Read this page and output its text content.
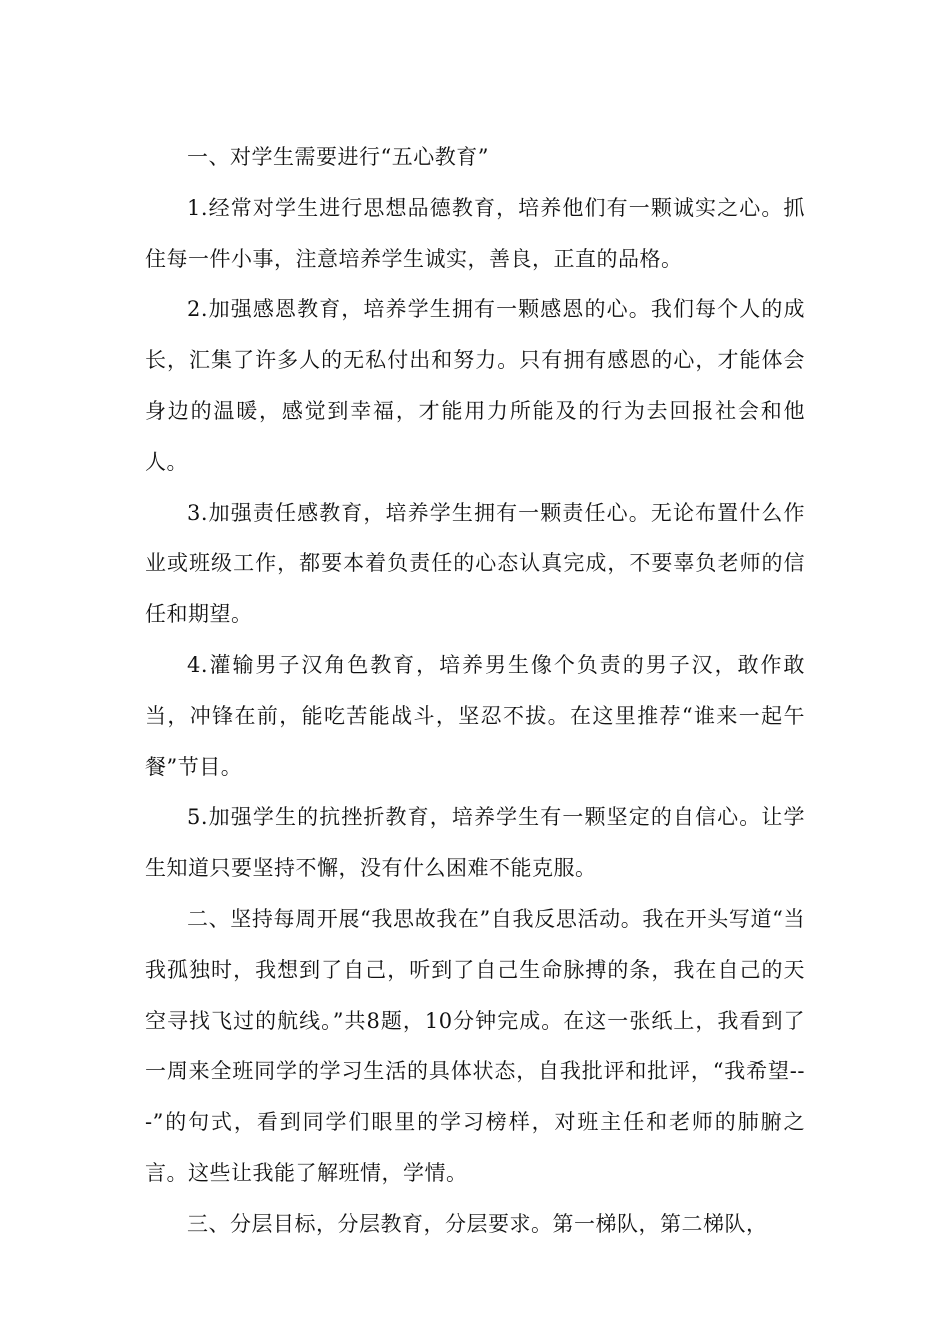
一、对学生需要进行“五心教育”

1.经常对学生进行思想品德教育，培养他们有一颗诚实之心。抓住每一件小事，注意培养学生诚实，善良，正直的品格。

2.加强感恩教育，培养学生拥有一颗感恩的心。我们每个人的成长，汇集了许多人的无私付出和努力。只有拥有感恩的心，才能体会身边的温暖，感觉到幸福，才能用力所能及的行为去回报社会和他人。

3.加强责任感教育，培养学生拥有一颗责任心。无论布置什么作业或班级工作，都要本着负责任的心态认真完成，不要辜负老师的信任和期望。

4.灌输男子汉角色教育，培养男生像个负责的男子汉，敢作敢当，冲锋在前，能吃苦能战斗，坚忍不拔。在这里推荐“谁来一起午餐”节目。

5.加强学生的抗挫折教育，培养学生有一颗坚定的自信心。让学生知道只要坚持不懈，没有什么困难不能克服。

二、坚持每周开展“我思故我在”自我反思活动。我在开头写道“当我孤独时，我想到了自己，听到了自己生命脉搏的条，我在自己的天空寻找飞过的航线。”共8题，10分钟完成。在这一张纸上，我看到了一周来全班同学的学习生活的具体状态，自我批评和批评，“我希望---”的句式，看到同学们眼里的学习榜样，对班主任和老师的肺腑之言。这些让我能了解班情，学情。

三、分层目标，分层教育，分层要求。第一梯队，第二梯队，
